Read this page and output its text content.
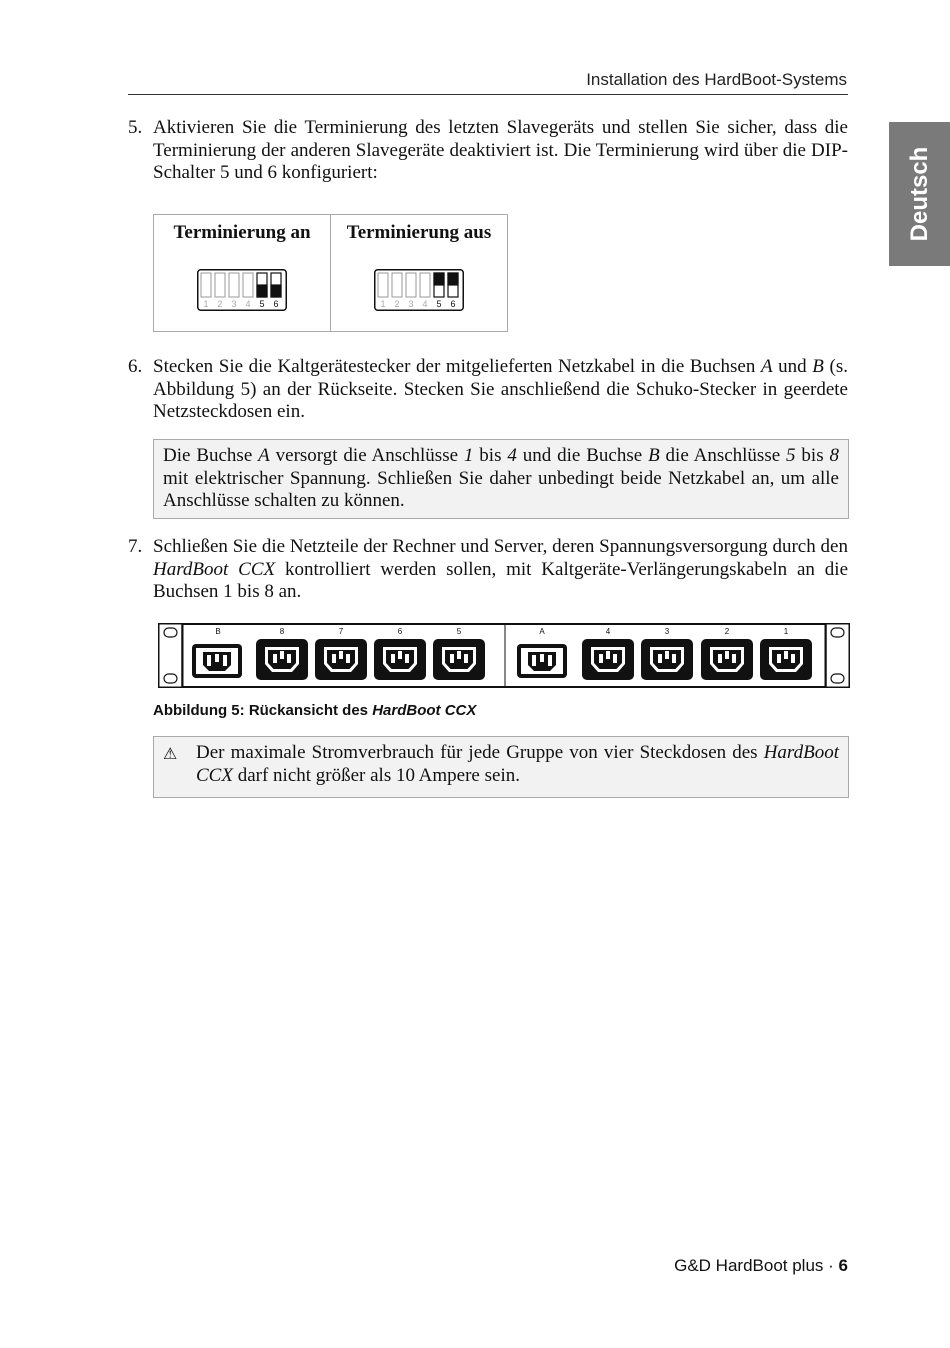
Installation des HardBoot-Systems
Deutsch
5. Aktivieren Sie die Terminierung des letzten Slavegeräts und stellen Sie sicher, dass die Terminierung der anderen Slavegeräte deaktiviert ist. Die Terminierung wird über die DIP-Schalter 5 und 6 konfiguriert:
Terminierung an
1 2 3 4 5 6
Terminierung aus
1 2 3 4 5 6
6. Stecken Sie die Kaltgerätestecker der mitgelieferten Netzkabel in die Buchsen A und B (s. Abbildung 5) an der Rückseite. Stecken Sie anschließend die Schuko-Stecker in geerdete Netzsteckdosen ein.
Die Buchse A versorgt die Anschlüsse 1 bis 4 und die Buchse B die Anschlüsse 5 bis 8 mit elektrischer Spannung. Schließen Sie daher unbedingt beide Netzkabel an, um alle Anschlüsse schalten zu können.
7. Schließen Sie die Netzteile der Rechner und Server, deren Spannungsversorgung durch den HardBoot CCX kontrolliert werden sollen, mit Kaltgeräte-Verlängerungskabeln an die Buchsen 1 bis 8 an.
B	8	7	6	5	A	4	3	2	1
Abbildung 5: Rückansicht des HardBoot CCX
⚠ Der maximale Stromverbrauch für jede Gruppe von vier Steckdosen des HardBoot CCX darf nicht größer als 10 Ampere sein.
G&D HardBoot plus · 6
